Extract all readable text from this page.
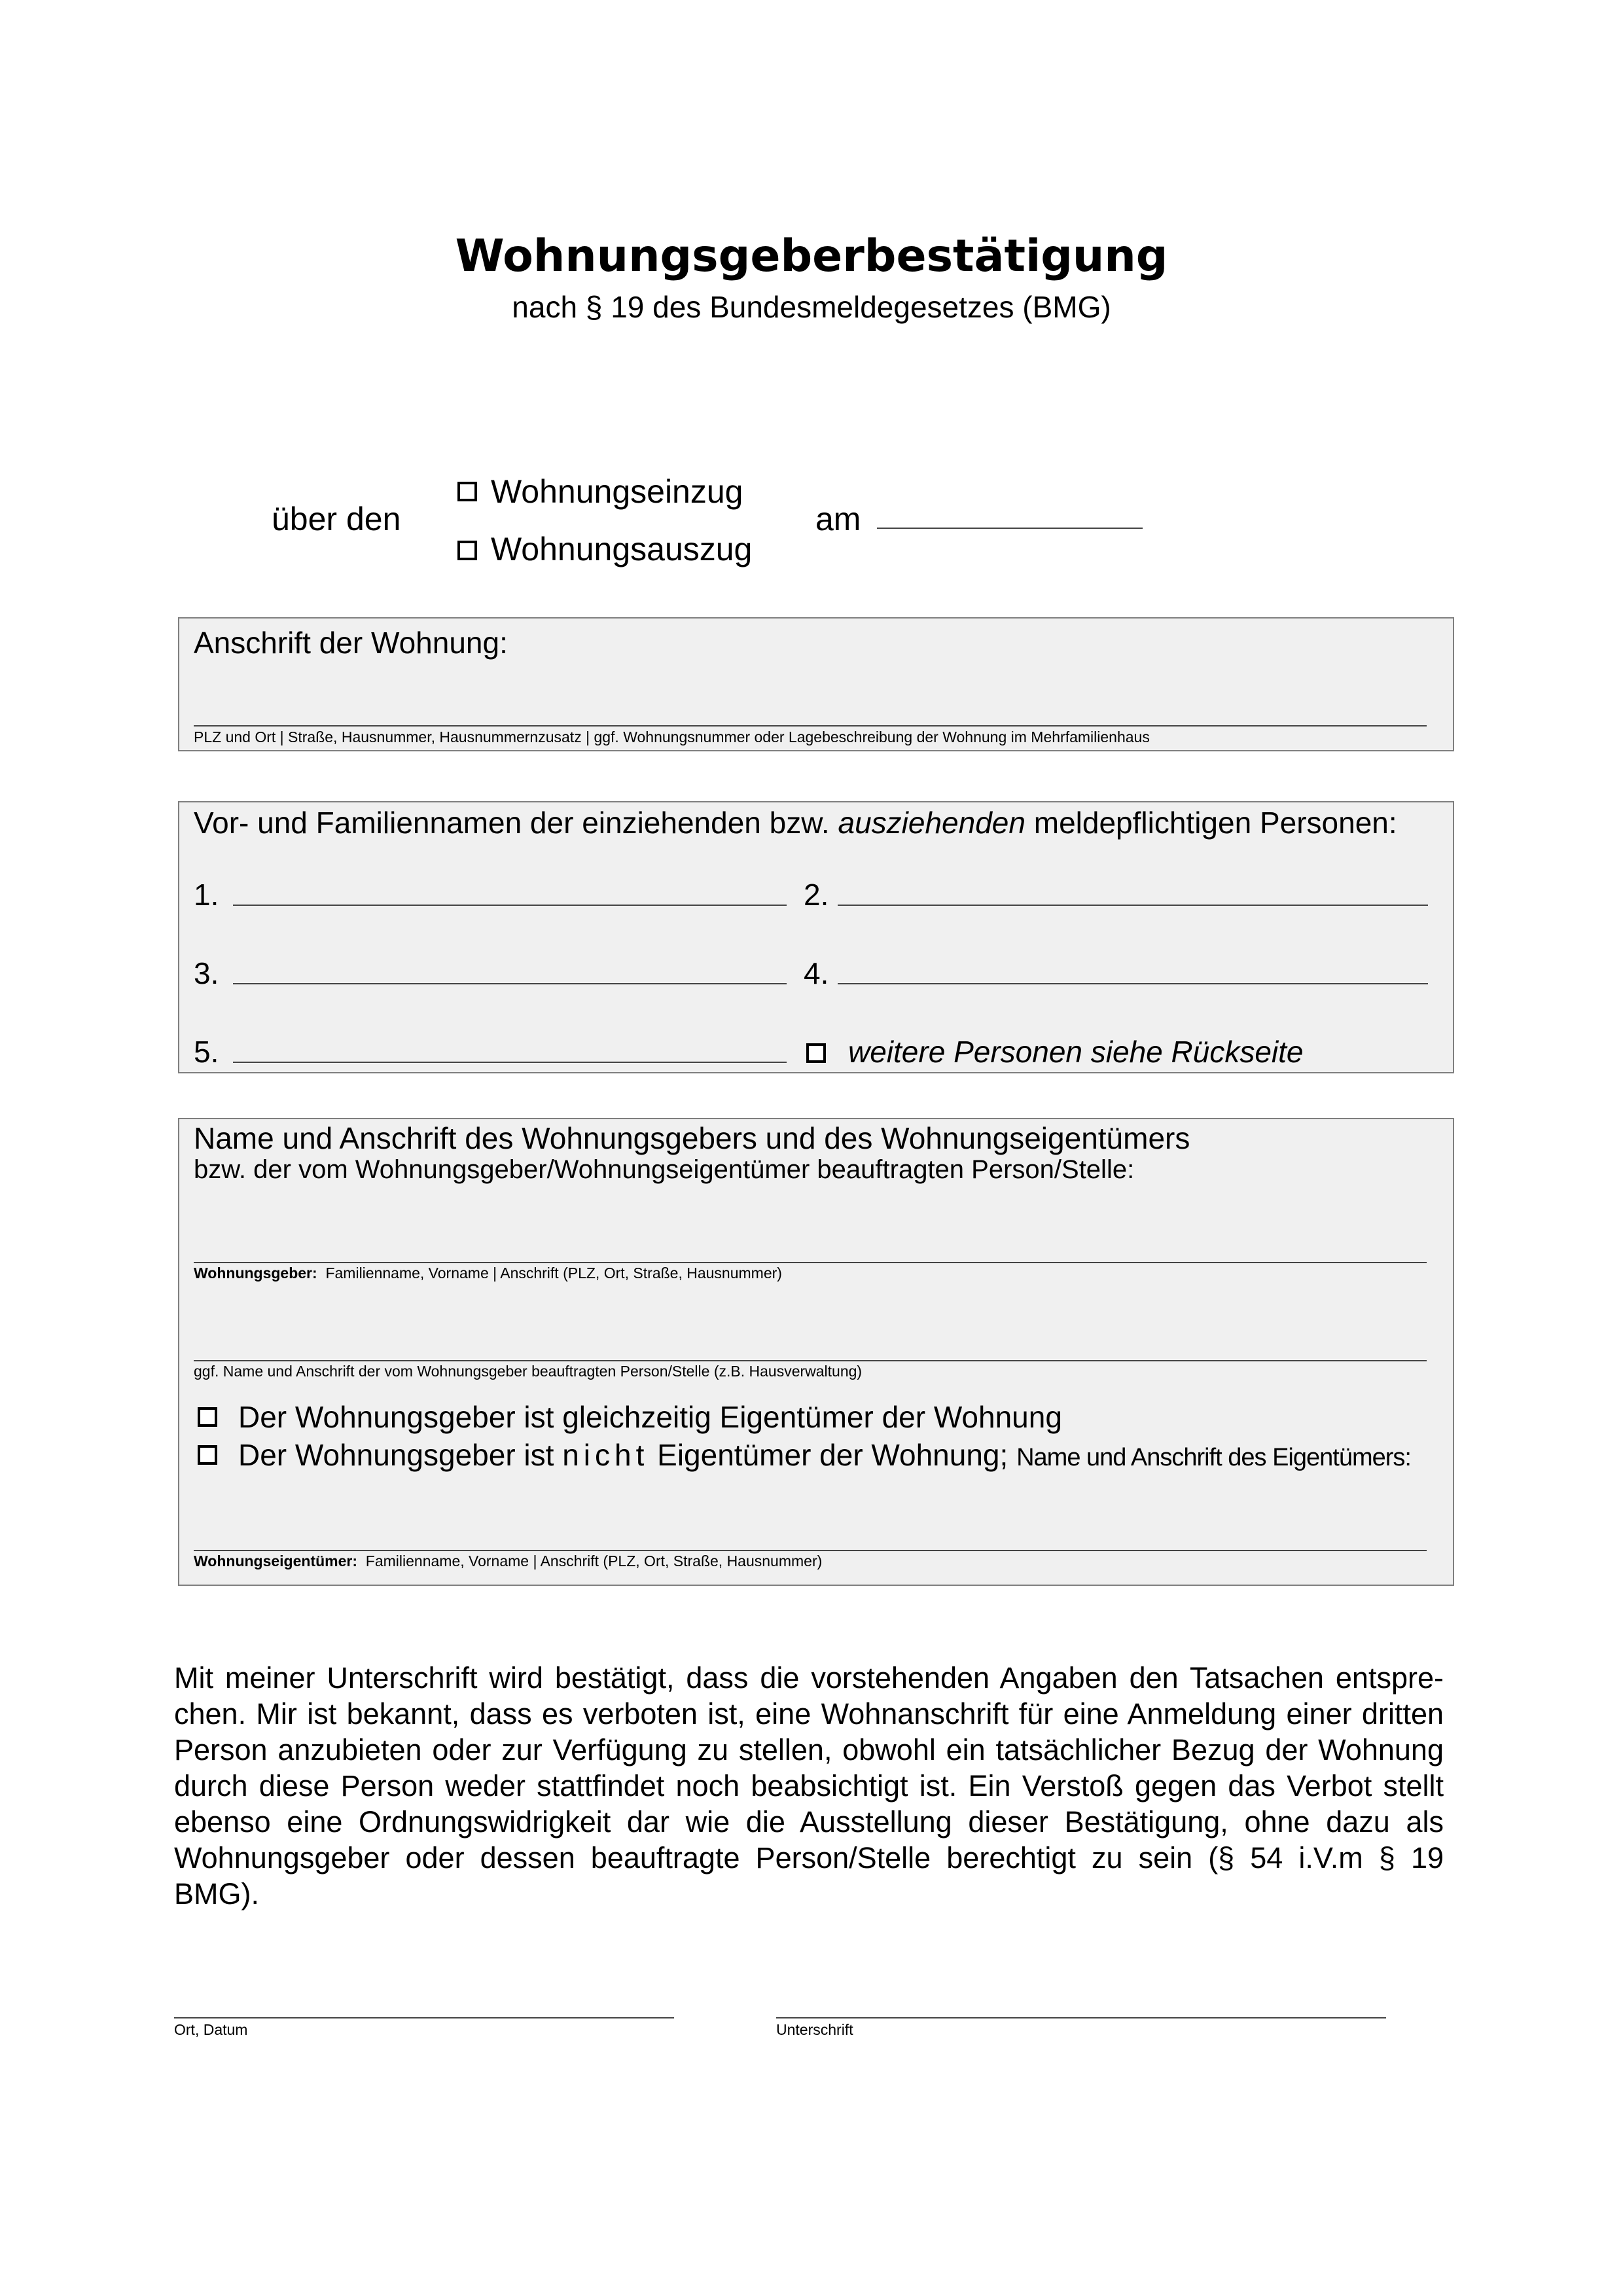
Wohnungsgeberbestätigung
nach § 19 des Bundesmeldegesetzes (BMG)
über den
Wohnungseinzug
Wohnungsauszug
am
Anschrift der Wohnung:
PLZ und Ort | Straße, Hausnummer, Hausnummernzusatz | ggf. Wohnungsnummer oder Lagebeschreibung der Wohnung im Mehrfamilienhaus
Vor- und Familiennamen der einziehenden bzw. ausziehenden meldepflichtigen Personen:
1.	2.
3.	4.
5.	weitere Personen siehe Rückseite
Name und Anschrift des Wohnungsgebers und des Wohnungseigentümers
bzw. der vom Wohnungsgeber/Wohnungseigentümer beauftragten Person/Stelle:
Wohnungsgeber: Familienname, Vorname | Anschrift (PLZ, Ort, Straße, Hausnummer)
ggf. Name und Anschrift der vom Wohnungsgeber beauftragten Person/Stelle (z.B. Hausverwaltung)
Der Wohnungsgeber ist gleichzeitig Eigentümer der Wohnung
Der Wohnungsgeber ist nicht Eigentümer der Wohnung; Name und Anschrift des Eigentümers:
Wohnungseigentümer: Familienname, Vorname | Anschrift (PLZ, Ort, Straße, Hausnummer)
Mit meiner Unterschrift wird bestätigt, dass die vorstehenden Angaben den Tatsachen entsprechen. Mir ist bekannt, dass es verboten ist, eine Wohnanschrift für eine Anmeldung einer dritten Person anzubieten oder zur Verfügung zu stellen, obwohl ein tatsächlicher Bezug der Wohnung durch diese Person weder stattfindet noch beabsichtigt ist. Ein Verstoß gegen das Verbot stellt ebenso eine Ordnungswidrigkeit dar wie die Ausstellung dieser Bestätigung, ohne dazu als Wohnungsgeber oder dessen beauftragte Person/Stelle berechtigt zu sein (§ 54 i.V.m § 19 BMG).
Ort, Datum	Unterschrift
